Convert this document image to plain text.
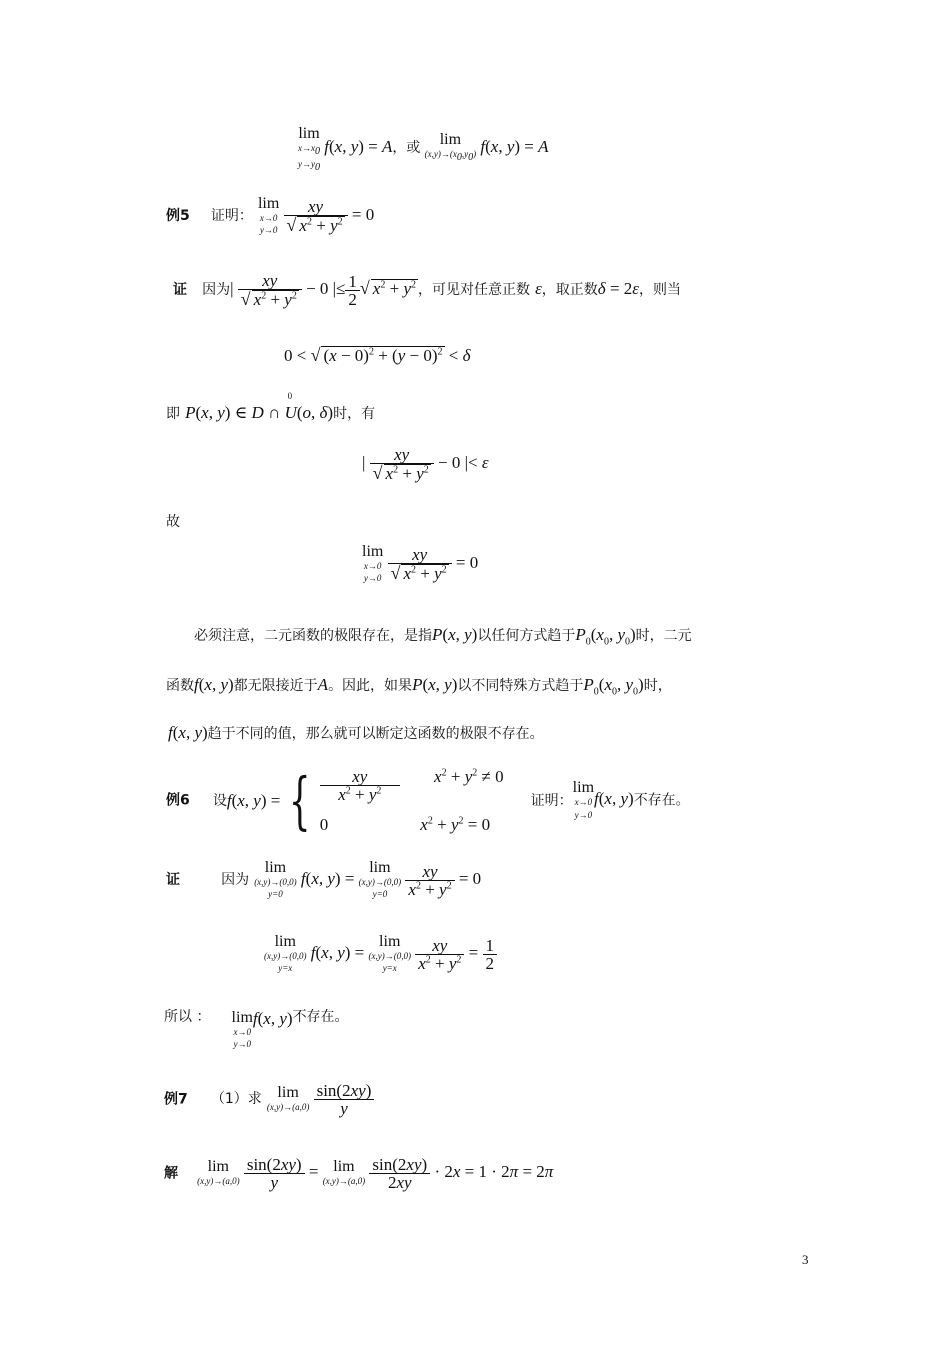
lim
$x\to x_0$
$y\to y_0$
f(x, y) = A，或
lim
$(x,y)\to(x_0,y_0)$ f(x, y) = A
例5 证明：
lim
x→0
y→0
$\frac{xy}{√ x^2 + y^2} = 0$
证 因为| $\frac{xy}{√ x^2 + y^2} - 0$ |≤ $\frac{1}{2}$ √ $x^2 + y^2$ ，可见对任意正数 ε，取正数δ = 2ε，则当
0 < √ $(x - 0)^2 + (y - 0)^2 < \delta$
即 P(x, y) ∈ D ∩
0
U(o, δ)时，有
| $\frac{xy}{√ x^2 + y^2} - 0$ |< ε
故
lim
x→0
y→0
$\frac{xy}{√ x^2 + y^2} = 0$
必须注意，二元函数的极限存在，是指P(x, y)以任何方式趋于$P_0(x_0$, $y_0$)时，二元
函数f(x, y)都无限接近于A。因此，如果P(x, y)以不同特殊方式趋于$P_0(x_0$, $y_0$)时，
f(x, y)趋于不同的值，那么就可以断定这函数的极限不存在。
例6 设f(x, y) = { $\frac{xy}{x^2 + y^2} x^2 + y^2 \ne 0$
0	$x^2 + y^2 = 0$
证明：
lim
x→0
y→0
f(x, y)不存在。
证	因为
lim
(x,y)→(0,0)
y=0
f(x, y) =
lim
(x,y)→(0,0)
y=0
	$\frac{xy}{x^2 + y^2} = 0$
lim
(x,y)→(0,0)
y=x
f(x, y) =
lim
(x,y)→(0,0)
y=x
	$\frac{xy}{x^2 + y^2} = \frac{1}{2}$
所以 ： lim
x→0
y→0
f(x, y)不存在。
例7 （1）求 lim
(x,y)→(a,0)
$\frac{\sin(2xy)}{y}$
解	lim
(x,y)→(a,0)
$\frac{\sin(2xy)}{y} = \lim$
(x,y)→(a,0)
$\frac{\sin(2xy)}{2xy} \cdot 2x = 1 \cdot 2\pi = 2\pi$
3
